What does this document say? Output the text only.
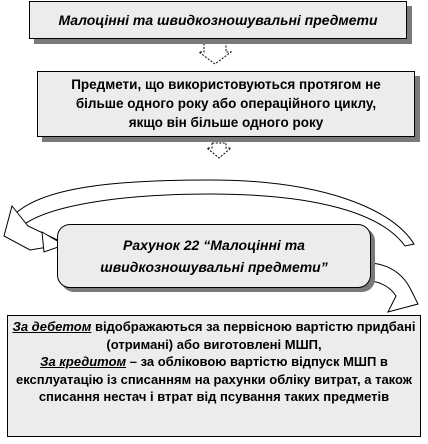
Малоцінні та швидкозношувальні предмети
Предмети, що використовуються протягом не
більше одного року або операційного циклу,
якщо він більше одного року
Рахунок 22 “Малоцінні та
швидкозношувальні предмети”

За дебетом відображаються за первісною вартістю придбані (отримані) або виготовлені МШП,

За кредитом – за обліковою вартістю відпуск МШП в експлуатацію із списанням на рахунки обліку витрат, а також списання нестач і втрат від псування таких предметів
